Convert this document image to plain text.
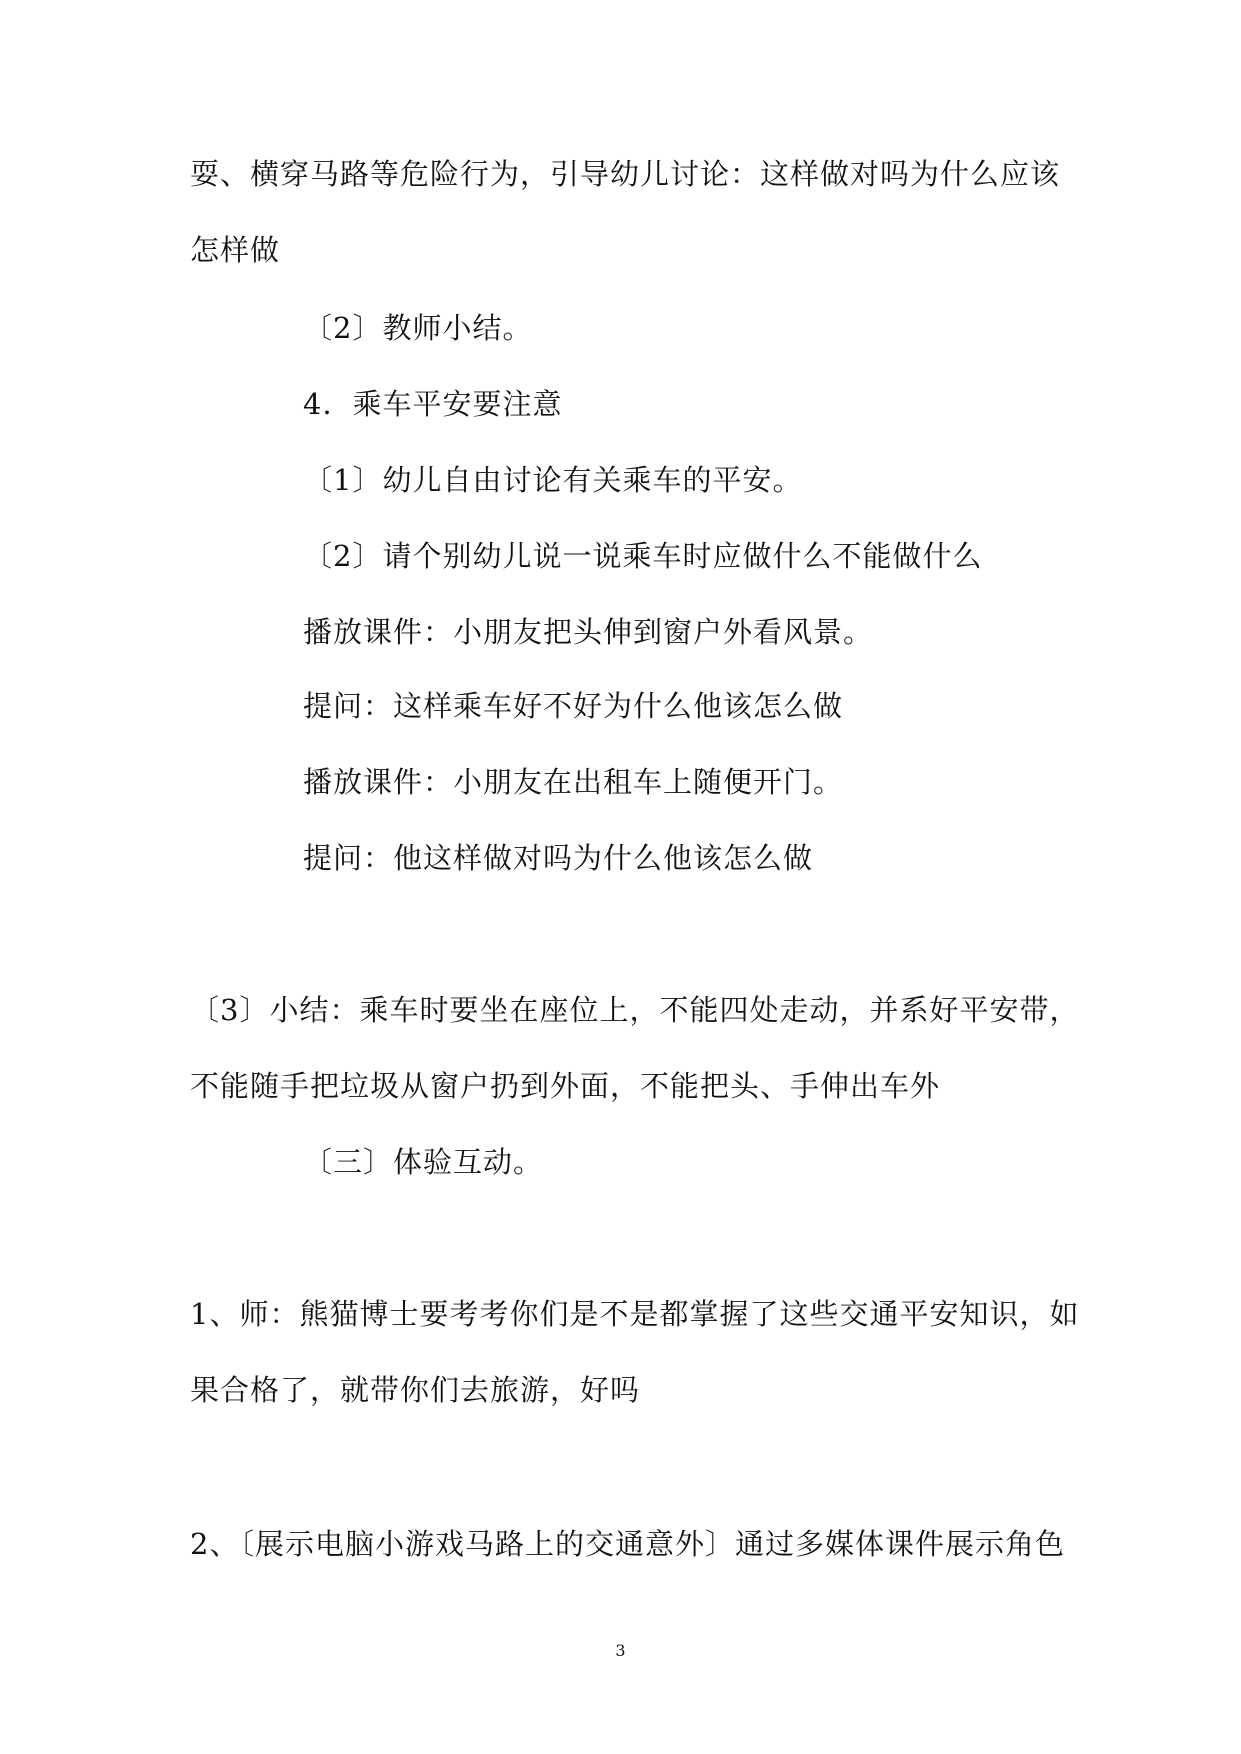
耍、横穿马路等危险行为，引导幼儿讨论：这样做对吗为什么应该
怎样做
〔2〕教师小结。
4．乘车平安要注意
〔1〕幼儿自由讨论有关乘车的平安。
〔2〕请个别幼儿说一说乘车时应做什么不能做什么
播放课件：小朋友把头伸到窗户外看风景。
提问：这样乘车好不好为什么他该怎么做
播放课件：小朋友在出租车上随便开门。
提问：他这样做对吗为什么他该怎么做
〔3〕小结：乘车时要坐在座位上，不能四处走动，并系好平安带，
不能随手把垃圾从窗户扔到外面，不能把头、手伸出车外
〔三〕体验互动。
1、师：熊猫博士要考考你们是不是都掌握了这些交通平安知识，如
果合格了，就带你们去旅游，好吗
2、〔展示电脑小游戏马路上的交通意外〕通过多媒体课件展示角色
3
